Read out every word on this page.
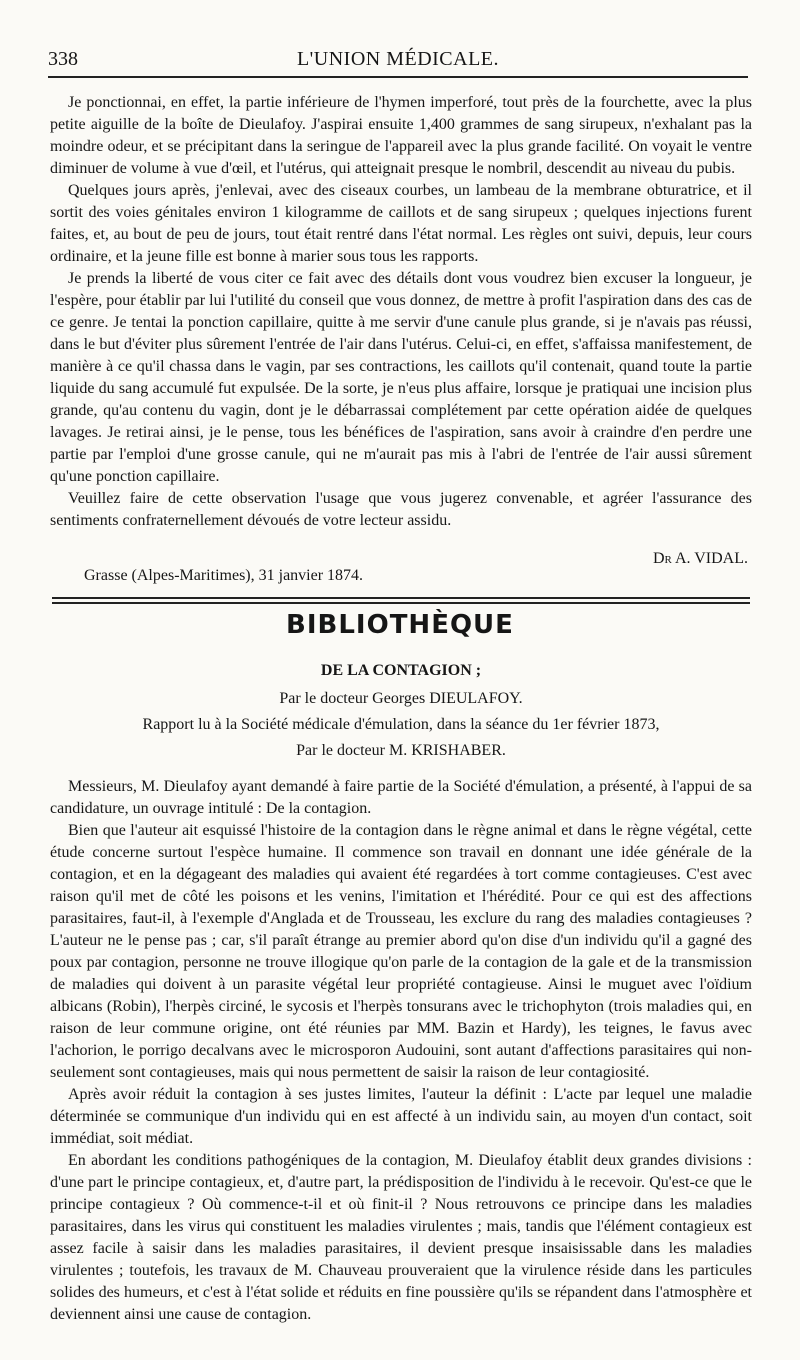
338	L'UNION MÉDICALE.

Je ponctionnai, en effet, la partie inférieure de l'hymen imperforé, tout près de la fourchette, avec la plus petite aiguille de la boîte de Dieulafoy. J'aspirai ensuite 1,400 grammes de sang sirupeux, n'exhalant pas la moindre odeur, et se précipitant dans la seringue de l'appareil avec la plus grande facilité. On voyait le ventre diminuer de volume à vue d'œil, et l'utérus, qui atteignait presque le nombril, descendit au niveau du pubis.

Quelques jours après, j'enlevai, avec des ciseaux courbes, un lambeau de la membrane obturatrice, et il sortit des voies génitales environ 1 kilogramme de caillots et de sang sirupeux ; quelques injections furent faites, et, au bout de peu de jours, tout était rentré dans l'état normal. Les règles ont suivi, depuis, leur cours ordinaire, et la jeune fille est bonne à marier sous tous les rapports.

Je prends la liberté de vous citer ce fait avec des détails dont vous voudrez bien excuser la longueur, je l'espère, pour établir par lui l'utilité du conseil que vous donnez, de mettre à profit l'aspiration dans des cas de ce genre. Je tentai la ponction capillaire, quitte à me servir d'une canule plus grande, si je n'avais pas réussi, dans le but d'éviter plus sûrement l'entrée de l'air dans l'utérus. Celui-ci, en effet, s'affaissa manifestement, de manière à ce qu'il chassa dans le vagin, par ses contractions, les caillots qu'il contenait, quand toute la partie liquide du sang accumulé fut expulsée. De la sorte, je n'eus plus affaire, lorsque je pratiquai une incision plus grande, qu'au contenu du vagin, dont je le débarrassai complétement par cette opération aidée de quelques lavages. Je retirai ainsi, je le pense, tous les bénéfices de l'aspiration, sans avoir à craindre d'en perdre une partie par l'emploi d'une grosse canule, qui ne m'aurait pas mis à l'abri de l'entrée de l'air aussi sûrement qu'une ponction capillaire.

Veuillez faire de cette observation l'usage que vous jugerez convenable, et agréer l'assurance des sentiments confraternellement dévoués de votre lecteur assidu.

Dr A. VIDAL.
Grasse (Alpes-Maritimes), 31 janvier 1874.
BIBLIOTHÈQUE
DE LA CONTAGION ;
Par le docteur Georges DIEULAFOY.
Rapport lu à la Société médicale d'émulation, dans la séance du 1er février 1873,
Par le docteur M. KRISHABER.

Messieurs, M. Dieulafoy ayant demandé à faire partie de la Société d'émulation, a présenté, à l'appui de sa candidature, un ouvrage intitulé : De la contagion.

Bien que l'auteur ait esquissé l'histoire de la contagion dans le règne animal et dans le règne végétal, cette étude concerne surtout l'espèce humaine. Il commence son travail en donnant une idée générale de la contagion, et en la dégageant des maladies qui avaient été regardées à tort comme contagieuses. C'est avec raison qu'il met de côté les poisons et les venins, l'imitation et l'hérédité. Pour ce qui est des affections parasitaires, faut-il, à l'exemple d'Anglada et de Trousseau, les exclure du rang des maladies contagieuses ? L'auteur ne le pense pas ; car, s'il paraît étrange au premier abord qu'on dise d'un individu qu'il a gagné des poux par contagion, personne ne trouve illogique qu'on parle de la contagion de la gale et de la transmission de maladies qui doivent à un parasite végétal leur propriété contagieuse. Ainsi le muguet avec l'oïdium albicans (Robin), l'herpès circiné, le sycosis et l'herpès tonsurans avec le trichophyton (trois maladies qui, en raison de leur commune origine, ont été réunies par MM. Bazin et Hardy), les teignes, le favus avec l'achorion, le porrigo decalvans avec le microsporon Audouini, sont autant d'affections parasitaires qui non-seulement sont contagieuses, mais qui nous permettent de saisir la raison de leur contagiosité.

Après avoir réduit la contagion à ses justes limites, l'auteur la définit : L'acte par lequel une maladie déterminée se communique d'un individu qui en est affecté à un individu sain, au moyen d'un contact, soit immédiat, soit médiat.

En abordant les conditions pathogéniques de la contagion, M. Dieulafoy établit deux grandes divisions : d'une part le principe contagieux, et, d'autre part, la prédisposition de l'individu à le recevoir. Qu'est-ce que le principe contagieux ? Où commence-t-il et où finit-il ? Nous retrouvons ce principe dans les maladies parasitaires, dans les virus qui constituent les maladies virulentes ; mais, tandis que l'élément contagieux est assez facile à saisir dans les maladies parasitaires, il devient presque insaisissable dans les maladies virulentes ; toutefois, les travaux de M. Chauveau prouveraient que la virulence réside dans les particules solides des humeurs, et c'est à l'état solide et réduits en fine poussière qu'ils se répandent dans l'atmosphère et deviennent ainsi une cause de contagion.
